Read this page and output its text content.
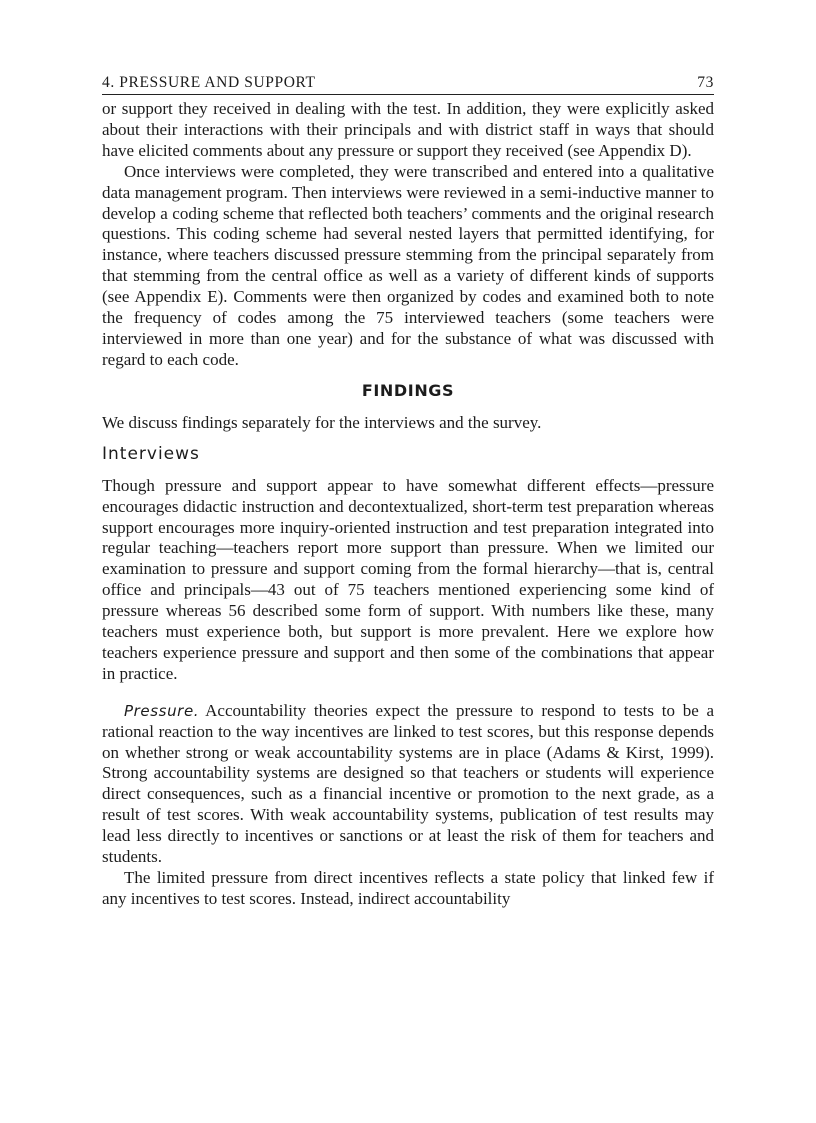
4. PRESSURE AND SUPPORT	73

or support they received in dealing with the test. In addition, they were explicitly asked about their interactions with their principals and with district staff in ways that should have elicited comments about any pressure or support they received (see Appendix D).

Once interviews were completed, they were transcribed and entered into a qualitative data management program. Then interviews were reviewed in a semi-inductive manner to develop a coding scheme that reflected both teachers’ comments and the original research questions. This coding scheme had several nested layers that permitted identifying, for instance, where teachers discussed pressure stemming from the principal separately from that stemming from the central office as well as a variety of different kinds of supports (see Appendix E). Comments were then organized by codes and examined both to note the frequency of codes among the 75 interviewed teachers (some teachers were interviewed in more than one year) and for the substance of what was discussed with regard to each code.

FINDINGS

We discuss findings separately for the interviews and the survey.

Interviews

Though pressure and support appear to have somewhat different effects—pressure encourages didactic instruction and decontextualized, short-term test preparation whereas support encourages more inquiry-oriented instruction and test preparation integrated into regular teaching—teachers report more support than pressure. When we limited our examination to pressure and support coming from the formal hierarchy—that is, central office and principals—43 out of 75 teachers mentioned experiencing some kind of pressure whereas 56 described some form of support. With numbers like these, many teachers must experience both, but support is more prevalent. Here we explore how teachers experience pressure and support and then some of the combinations that appear in practice.

Pressure. Accountability theories expect the pressure to respond to tests to be a rational reaction to the way incentives are linked to test scores, but this response depends on whether strong or weak accountability systems are in place (Adams & Kirst, 1999). Strong accountability systems are designed so that teachers or students will experience direct consequences, such as a financial incentive or promotion to the next grade, as a result of test scores. With weak accountability systems, publication of test results may lead less directly to incentives or sanctions or at least the risk of them for teachers and students.

The limited pressure from direct incentives reflects a state policy that linked few if any incentives to test scores. Instead, indirect accountability
